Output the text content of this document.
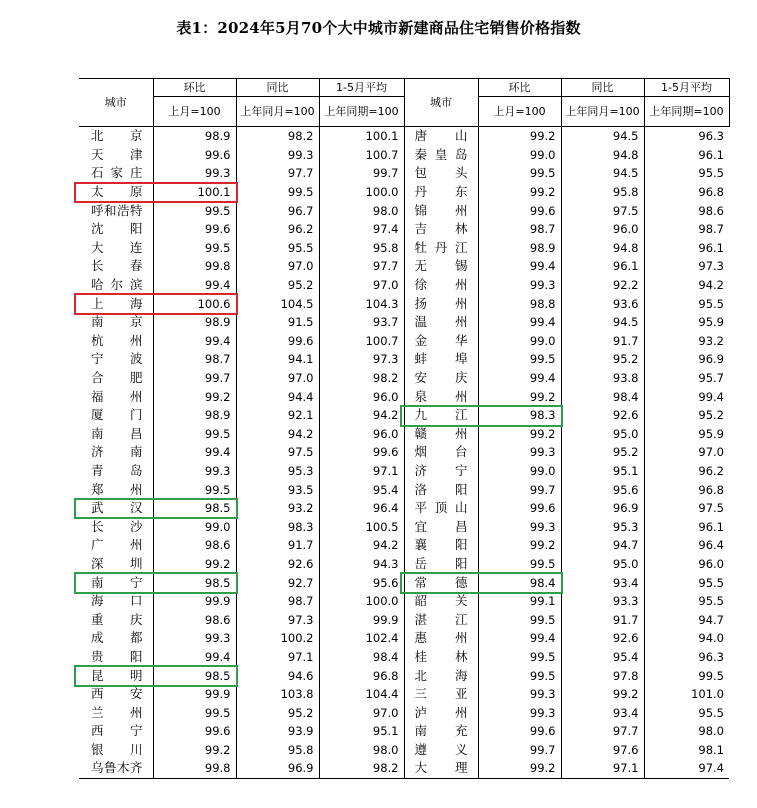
表1：2024年5月70个大中城市新建商品住宅销售价格指数
城市	环比	同比	1-5月平均	城市	环比	同比	1-5月平均
	上月=100	上年同月=100	上年同期=100		上月=100	上年同月=100	上年同期=100
北京	98.9	98.2	100.1	唐山	99.2	94.5	96.3
天津	99.6	99.3	100.7	秦皇岛	99.0	94.8	96.1
石家庄	99.3	97.7	99.7	包头	99.5	94.5	95.5
太原	100.1	99.5	100.0	丹东	99.2	95.8	96.8
呼和浩特	99.5	96.7	98.0	锦州	99.6	97.5	98.6
沈阳	99.6	96.2	97.4	吉林	98.7	96.0	98.7
大连	99.5	95.5	95.8	牡丹江	98.9	94.8	96.1
长春	99.8	97.0	97.7	无锡	99.4	96.1	97.3
哈尔滨	99.4	95.2	97.0	徐州	99.3	92.2	94.2
上海	100.6	104.5	104.3	扬州	98.8	93.6	95.5
南京	98.9	91.5	93.7	温州	99.4	94.5	95.9
杭州	99.4	99.6	100.7	金华	99.0	91.7	93.2
宁波	98.7	94.1	97.3	蚌埠	99.5	95.2	96.9
合肥	99.7	97.0	98.2	安庆	99.4	93.8	95.7
福州	99.2	94.4	96.0	泉州	99.2	98.4	99.4
厦门	98.9	92.1	94.2	九江	98.3	92.6	95.2
南昌	99.5	94.2	96.0	赣州	99.2	95.0	95.9
济南	99.4	97.5	99.6	烟台	99.3	95.2	97.0
青岛	99.3	95.3	97.1	济宁	99.0	95.1	96.2
郑州	99.5	93.5	95.4	洛阳	99.7	95.6	96.8
武汉	98.5	93.2	96.4	平顶山	99.6	96.9	97.5
长沙	99.0	98.3	100.5	宜昌	99.3	95.3	96.1
广州	98.6	91.7	94.2	襄阳	99.2	94.7	96.4
深圳	99.2	92.6	94.3	岳阳	99.5	95.0	96.0
南宁	98.5	92.7	95.6	常德	98.4	93.4	95.5
海口	99.9	98.7	100.0	韶关	99.1	93.3	95.5
重庆	98.6	97.3	99.9	湛江	99.5	91.7	94.7
成都	99.3	100.2	102.4	惠州	99.4	92.6	94.0
贵阳	99.4	97.1	98.4	桂林	99.5	95.4	96.3
昆明	98.5	94.6	96.8	北海	99.5	97.8	99.5
西安	99.9	103.8	104.4	三亚	99.3	99.2	101.0
兰州	99.5	95.2	97.0	泸州	99.3	93.4	95.5
西宁	99.6	93.9	95.1	南充	99.6	97.7	98.0
银川	99.2	95.8	98.0	遵义	99.7	97.6	98.1
乌鲁木齐	99.8	96.9	98.2	大理	99.2	97.1	97.4
